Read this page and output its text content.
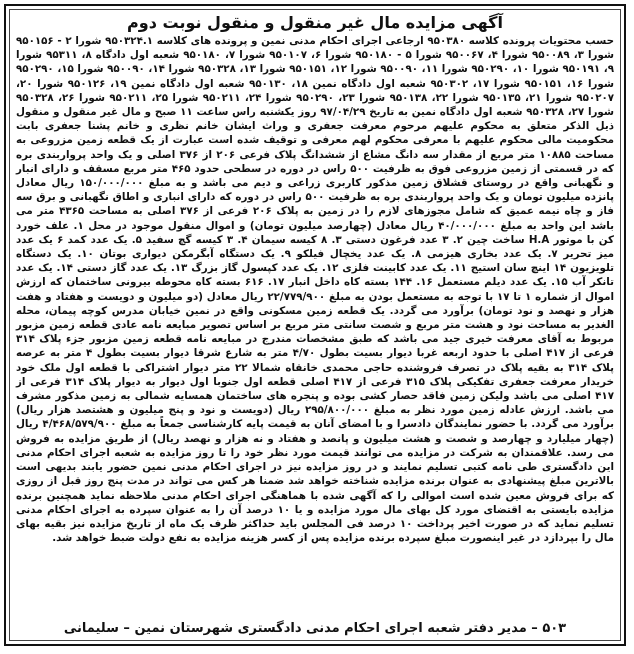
آگهی مزایده مال غیر منقول و منقول نوبت دوم

حسب محتویات پرونده کلاسه ۹۵۰۳۸۰ ارجاعی اجرای احکام مدنی نمین و پرونده های کلاسه ۹۵۰۳۲۴.۱ شورا ۲ - ۹۵۰۱۵۶ شورا ۳، ۹۵۰۰۸۹ شورا ۴، ۹۵۰۰۶۷ شورا ۵ - ۹۵۰۱۸۰ شورا ۶، ۹۵۰۱۰۷ شورا ۷، ۹۵۰۱۸۰ شعبه اول دادگاه ۸، ۹۵۳۱۱ شورا ۹، ۹۵۰۱۹۱ شورا ۱۰، ۹۵۰۲۹۰ شورا ۱۱، ۹۵۰۰۹۰ شورا ۱۲، ۹۵۰۱۵۱ شورا ۱۳، ۹۵۰۳۲۸ شورا ۱۴، ۹۵۰۰۹۰ شورا ۱۵، ۹۵۰۲۹۰ شورا ۱۶، ۹۵۰۱۵۱ شورا ۱۷، ۹۵۰۳۰۲ شعبه اول دادگاه نمین ۱۸، ۹۵۰۱۳۰ شعبه اول دادگاه نمین ۱۹، ۹۵۰۱۲۶ شورا ۲۰، ۹۵۰۲۰۷ شورا ۲۱، ۹۵۰۱۳۵ شورا ۲۲، ۹۵۰۱۳۸ شورا ۲۳، ۹۵۰۲۹۰ شورا ۲۴، ۹۵۰۲۱۱ شورا ۲۵، ۹۵۰۲۱۱ شورا ۲۶، ۹۵۰۳۲۸ شورا ۲۷، ۹۵۰۳۲۸ شعبه اول دادگاه نمین به تاریخ ۹۷/۰۴/۲۹ روز یکشنبه راس ساعت ۱۱ صبح و مال غیر منقول و منقول ذیل الذکر متعلق به محکوم علیهم مرحوم معرفت جعفری و وراث ایشان خانم نظری و خانم پشنا جعفری بابت محکومیت مالی محکوم علیهم با معرفی محکوم لهم معرفی و توقیف شده است عبارت از یک قطعه زمین مزروعی به مساحت ۱۰۸۸۵ متر مربع از مقدار سه دانگ مشاع از ششدانگ پلاک فرعی ۲۰۶ از ۳۷۶ اصلی و یک واحد پرواربندی بره که در قسمتی از زمین مزروعی فوق به ظرفیت ۵۰۰ راس در دوره در سطحی حدود ۴۶۵ متر مربع مسقف و دارای انبار و نگهبانی واقع در روستای قشلاق زمین مذکور کاربری زراعی و دیم می باشد و به مبلغ ۱۵۰/۰۰۰/۰۰۰ ریال معادل پانزده میلیون تومان و یک واحد پرواربندی بره به ظرفیت ۵۰۰ راس در دوره که دارای انباری و اطاق نگهبانی و برق سه فاز و چاه نیمه عمیق که شامل مجوزهای لازم را در زمین به پلاک ۲۰۶ فرعی از ۳۷۶ اصلی به مساحت ۴۳۶۵ متر می باشد این واحد به مبلغ ۴۰/۰۰۰/۰۰۰ ریال معادل (چهارصد میلیون تومان) و اموال منقول موجود در محل ۱. علف خورد کن با موتور H.A ساخت چین ۲. ۳ عدد فرغون دستی ۳. ۸ کیسه سیمان ۴. ۳ کیسه گچ سفید ۵. یک عدد کمد ۶ یک عدد میز تحریر ۷. یک عدد بخاری هیزمی ۸. یک عدد یخچال فیلکو ۹. یک دستگاه آبگرمکن دیواری بوتان ۱۰. یک دستگاه تلویزیون ۱۴ اینچ سان استیج ۱۱. یک عدد کابینت فلزی ۱۲. یک عدد کپسول گاز بزرگ ۱۳. یک عدد گاز دستی ۱۴. یک عدد تانکر آب ۱۵. یک عدد دیلم مستعمل ۱۶. ۱۴۴ بسته کاه داخل انبار ۱۷. ۶۱۶ بسته کاه محوطه بیرونی ساختمان که ارزش اموال از شماره ۱ تا ۱۷ با توجه به مستعمل بودن به مبلغ ۲۲/۷۷۹/۹۰۰ ریال معادل (دو میلیون و دویست و هفتاد و هفت هزار و نهصد و نود تومان) برآورد می گردد. یک قطعه زمین مسکونی واقع در نمین خیابان مدرس کوچه پیمان، محله الغدیر به مساحت نود و هشت متر مربع و شصت سانتی متر مربع بر اساس تصویر مبایعه نامه عادی قطعه زمین مزبور مربوط به آقای معرفت خیری جید می باشد که طبق مشخصات مندرج در مبایعه نامه قطعه زمین مزبور جزء پلاک ۳۱۴ فرعی از ۴۱۷ اصلی با حدود اربعه غربا دیوار بسیت بطول ۴/۷۰ متر به شارع شرقا دیوار بسیت بطول ۴ متر به عرصه پلاک ۳۱۴ به بقیه پلاک در تصرف فروشنده حاجی محمدی خانقاه شمالا ۲۲ متر دیوار اشتراکی با قطعه اول ملک خود خریدار معرفت جعفری تفکیکی پلاک ۳۱۵ فرعی از ۴۱۷ اصلی قطعه اول جنوبا اول دیوار به دیوار پلاک ۳۱۴ فرعی از ۴۱۷ اصلی می باشد ولیکن زمین فاقد حصار کشی بوده و پنجره های ساختمان همسایه شمالی به زمین مذکور مشرف می باشد. ارزش عادله زمین مورد نظر به مبلغ ۲۹۵/۸۰۰/۰۰۰ ریال (دویست و نود و پنج میلیون و هشتصد هزار ریال) برآورد می گردد. با حضور نمایندگان دادسرا و با امضای آنان به قیمت پایه کارشناسی جمعاً به مبلغ ۴/۴۶۸/۵۷۹/۹۰۰ ریال (چهار میلیارد و چهارصد و شصت و هشت میلیون و پانصد و هفتاد و نه هزار و نهصد ریال) از طریق مزایده به فروش می رسد. علاقمندان به شرکت در مزایده می توانند قیمت مورد نظر خود را تا روز مزایده به شعبه اجرای احکام مدنی این دادگستری طی نامه کتبی تسلیم نمایند و در روز مزایده نیز در اجرای احکام مدنی نمین حضور یابند بدیهی است بالاترین مبلغ پیشنهادی به عنوان برنده مزایده شناخته خواهد شد ضمنا هر کس می تواند در مدت پنج روز قبل از روزی که برای فروش معین شده است اموالی را که آگهی شده با هماهنگی اجرای احکام مدنی ملاحظه نماید همچنین برنده مزایده بایستی به اقتضای مورد کل بهای مال مورد مزایده و یا ۱۰ درصد آن را به عنوان سپرده به اجرای احکام مدنی تسلیم نماید که در صورت اخیر پرداخت ۱۰ درصد فی المجلس باید حداکثر ظرف یک ماه از تاریخ مزایده نیز بقیه بهای مال را بپردازد در غیر اینصورت مبلغ سپرده برنده مزایده پس از کسر هزینه مزایده به نفع دولت ضبط خواهد شد.

۵۰۳ – مدیر دفتر شعبه اجرای احکام مدنی دادگستری شهرستان نمین – سلیمانی
